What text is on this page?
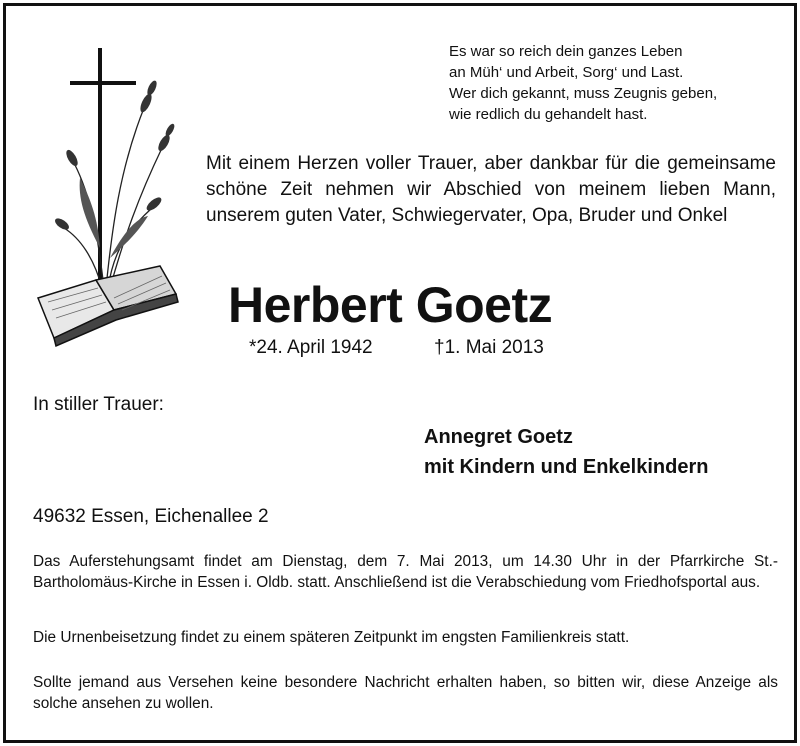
Es war so reich dein ganzes Leben
an Müh‘ und Arbeit, Sorg‘ und Last.
Wer dich gekannt, muss Zeugnis geben,
wie redlich du gehandelt hast.
Mit einem Herzen voller Trauer, aber dankbar für die gemeinsame schöne Zeit nehmen wir Abschied von meinem lieben Mann, unserem guten Vater, Schwiegervater, Opa, Bruder und Onkel
Herbert Goetz
*24. April 1942	†1. Mai 2013
In stiller Trauer:
Annegret Goetz
mit Kindern und Enkelkindern
49632 Essen, Eichenallee 2
Das Auferstehungsamt findet am Dienstag, dem 7. Mai 2013, um 14.30 Uhr in der Pfarrkirche St.-Bartholomäus-Kirche in Essen i. Oldb. statt. Anschließend ist die Verabschiedung vom Friedhofsportal aus.
Die Urnenbeisetzung findet zu einem späteren Zeitpunkt im engsten Familienkreis statt.
Sollte jemand aus Versehen keine besondere Nachricht erhalten haben, so bitten wir, diese Anzeige als solche ansehen zu wollen.
